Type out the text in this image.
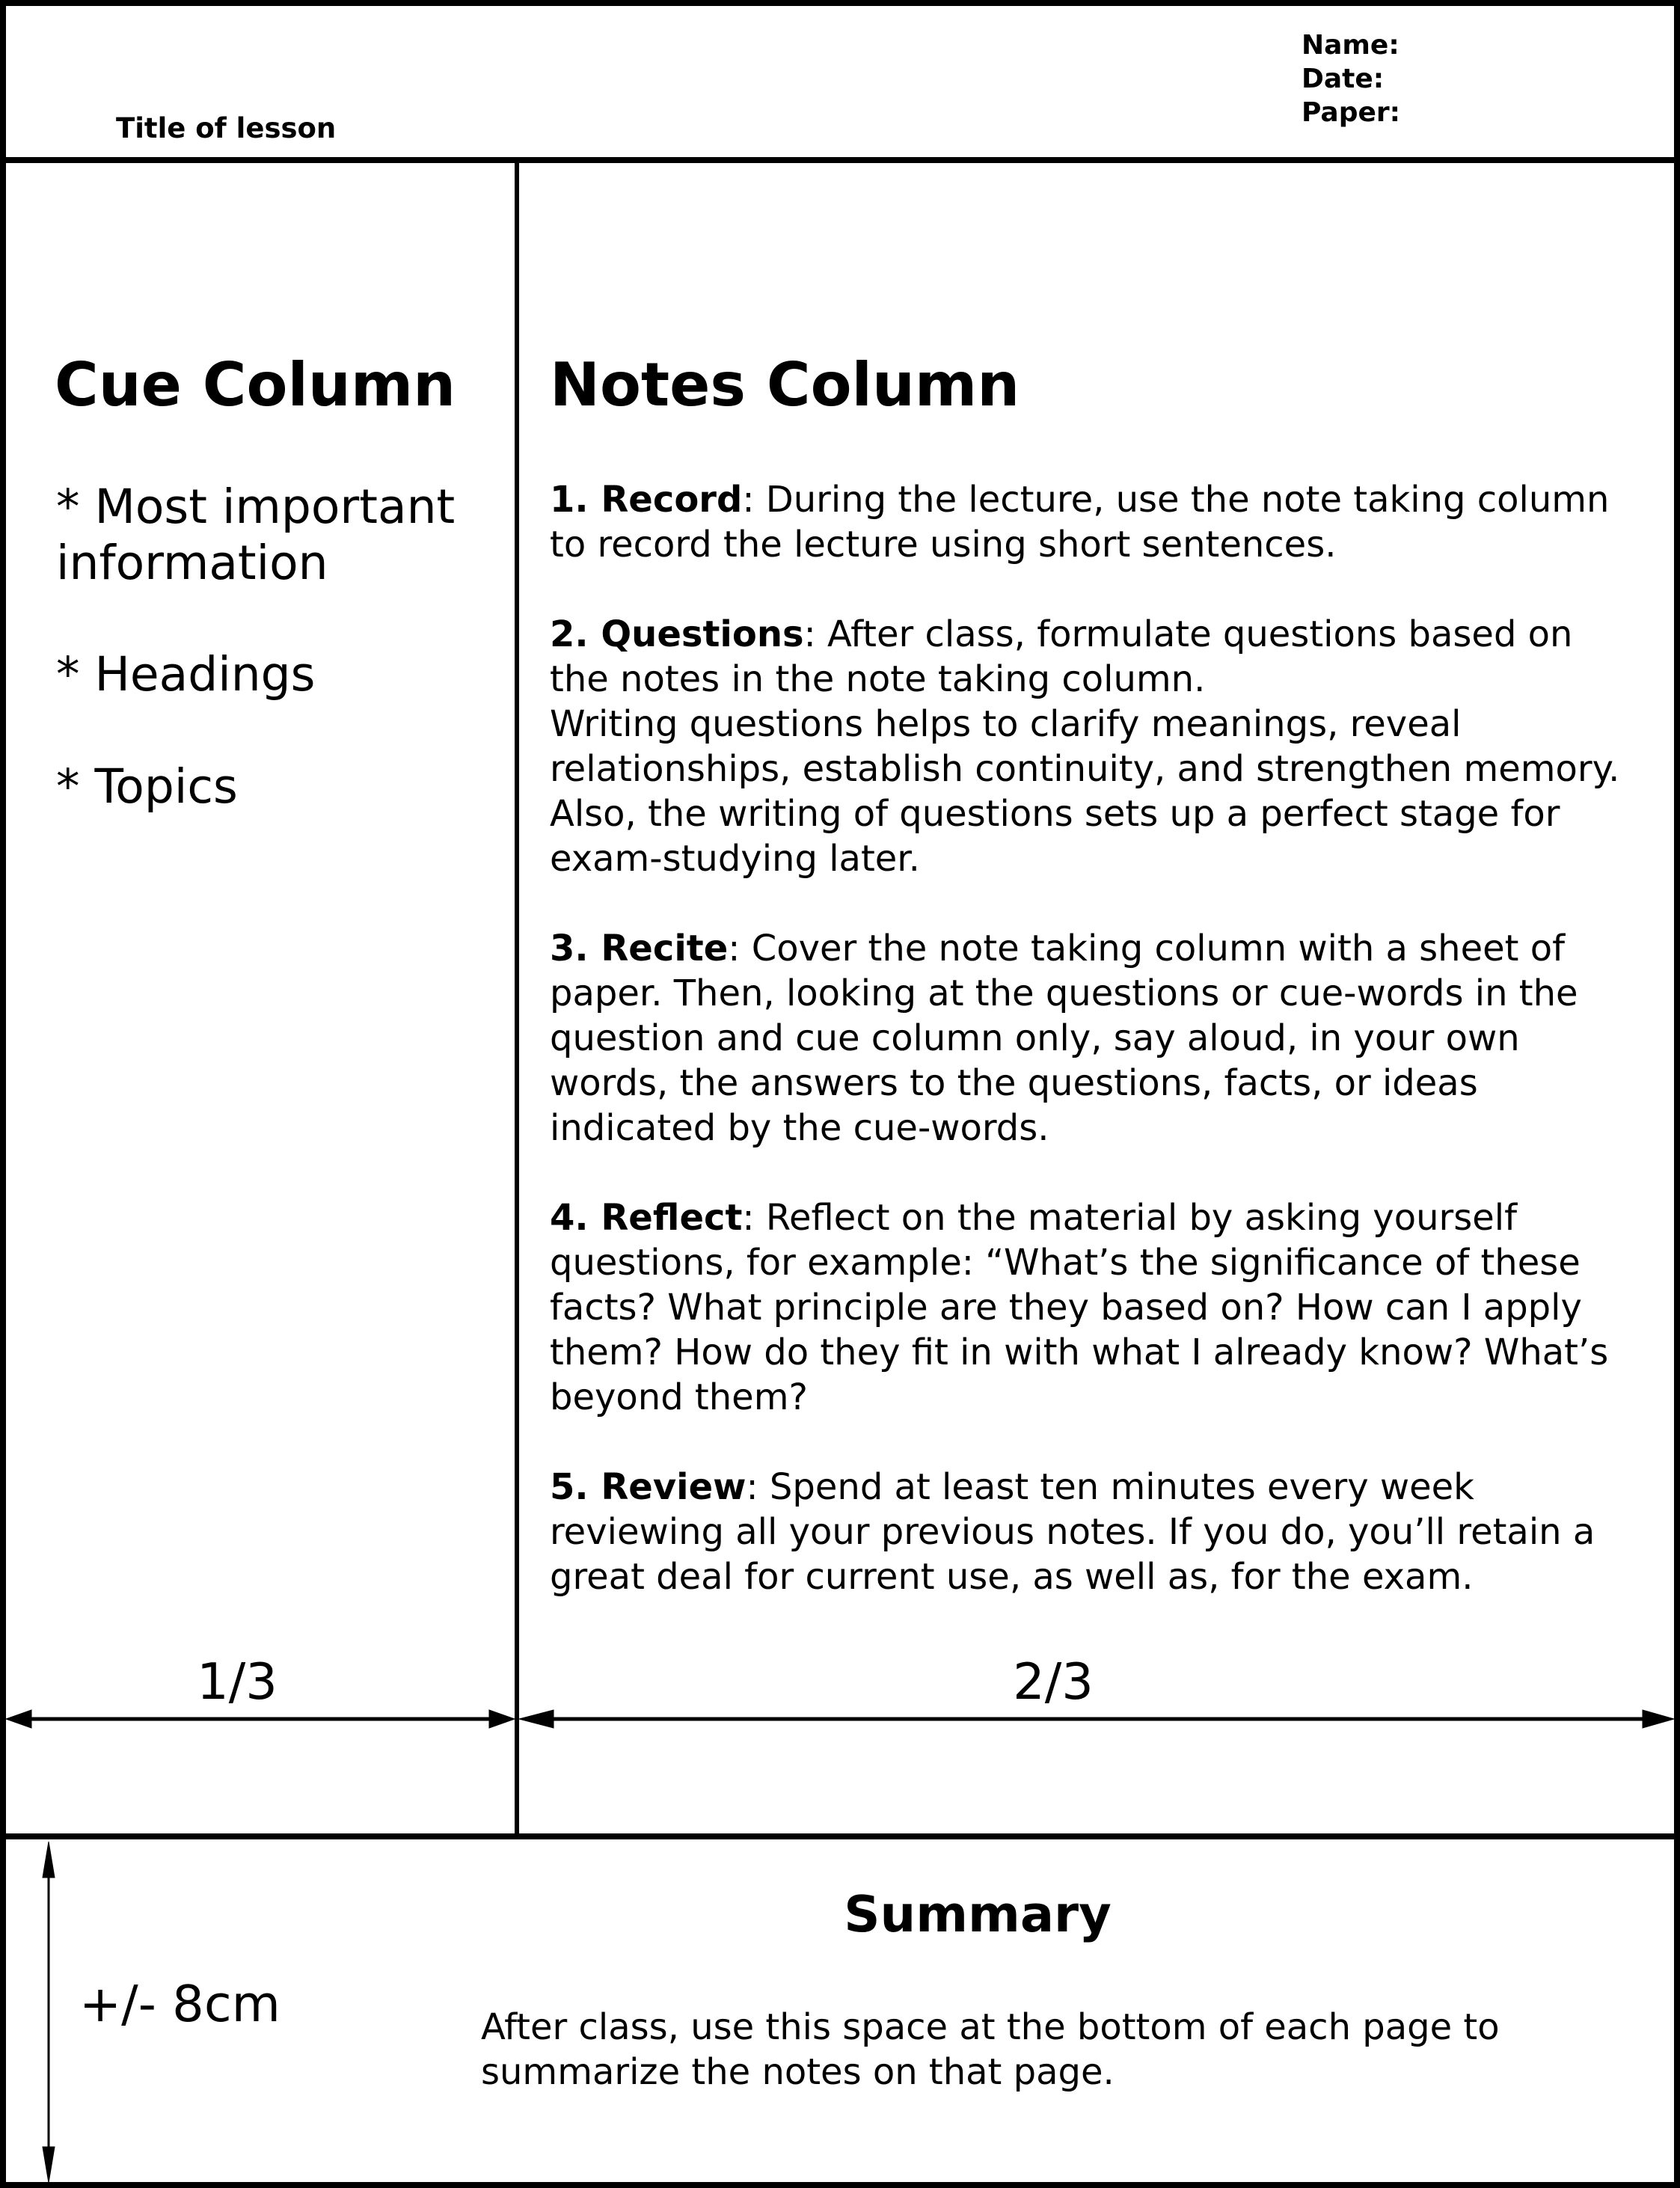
Title of lesson
Name:
Date:
Paper:
Cue Column
* Most important
information
* Headings
* Topics
Notes Column
1. Record: During the lecture, use the note taking column
to record the lecture using short sentences.
2. Questions: After class, formulate questions based on
the notes in the note taking column.
Writing questions helps to clarify meanings, reveal
relationships, establish continuity, and strengthen memory.
Also, the writing of questions sets up a perfect stage for
exam-studying later.
3. Recite: Cover the note taking column with a sheet of
paper. Then, looking at the questions or cue-words in the
question and cue column only, say aloud, in your own
words, the answers to the questions, facts, or ideas
indicated by the cue-words.
4. Reflect: Reflect on the material by asking yourself
questions, for example: “What’s the significance of these
facts? What principle are they based on? How can I apply
them? How do they fit in with what I already know? What’s
beyond them?
5. Review: Spend at least ten minutes every week
reviewing all your previous notes. If you do, you’ll retain a
great deal for current use, as well as, for the exam.
1/3	2/3
Summary
+/- 8cm	After class, use this space at the bottom of each page to
summarize the notes on that page.
